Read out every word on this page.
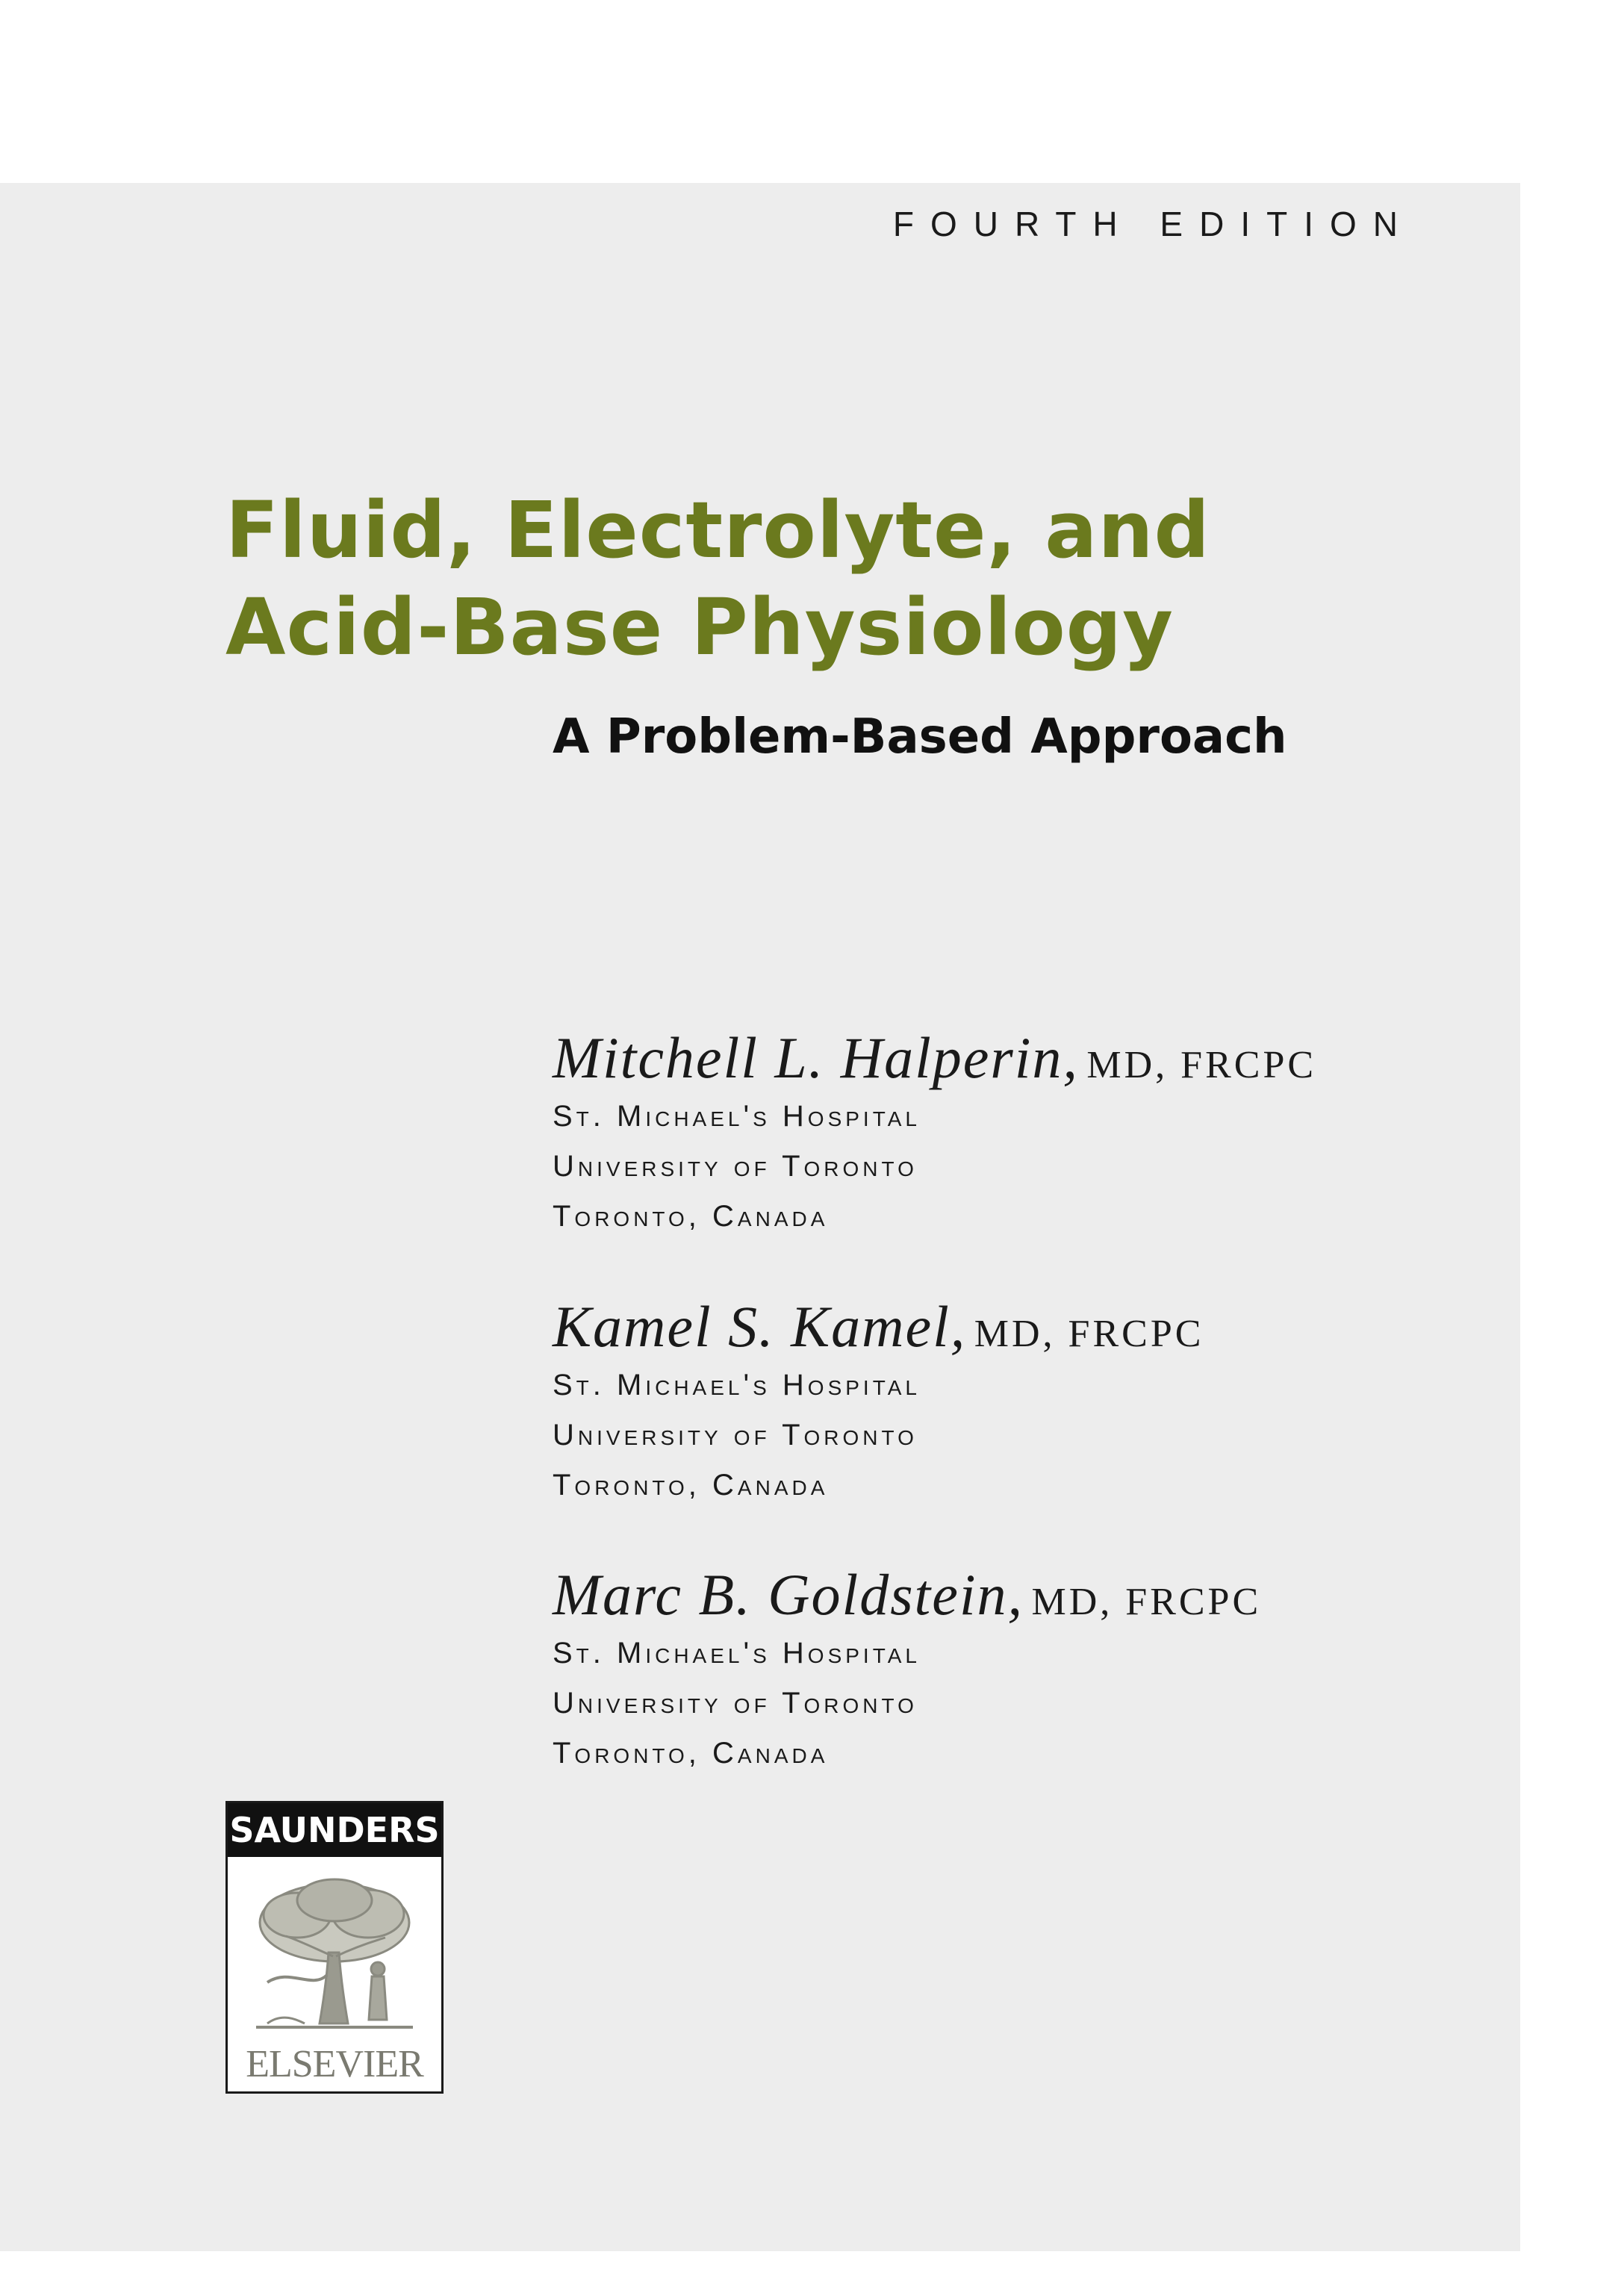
FOURTH EDITION
Fluid, Electrolyte, and
Acid-Base Physiology
A Problem-Based Approach
Mitchell L. Halperin, MD, FRCPC
St. Michael's Hospital
University of Toronto
Toronto, Canada
Kamel S. Kamel, MD, FRCPC
St. Michael's Hospital
University of Toronto
Toronto, Canada
Marc B. Goldstein, MD, FRCPC
St. Michael's Hospital
University of Toronto
Toronto, Canada
SAUNDERS
ELSEVIER
